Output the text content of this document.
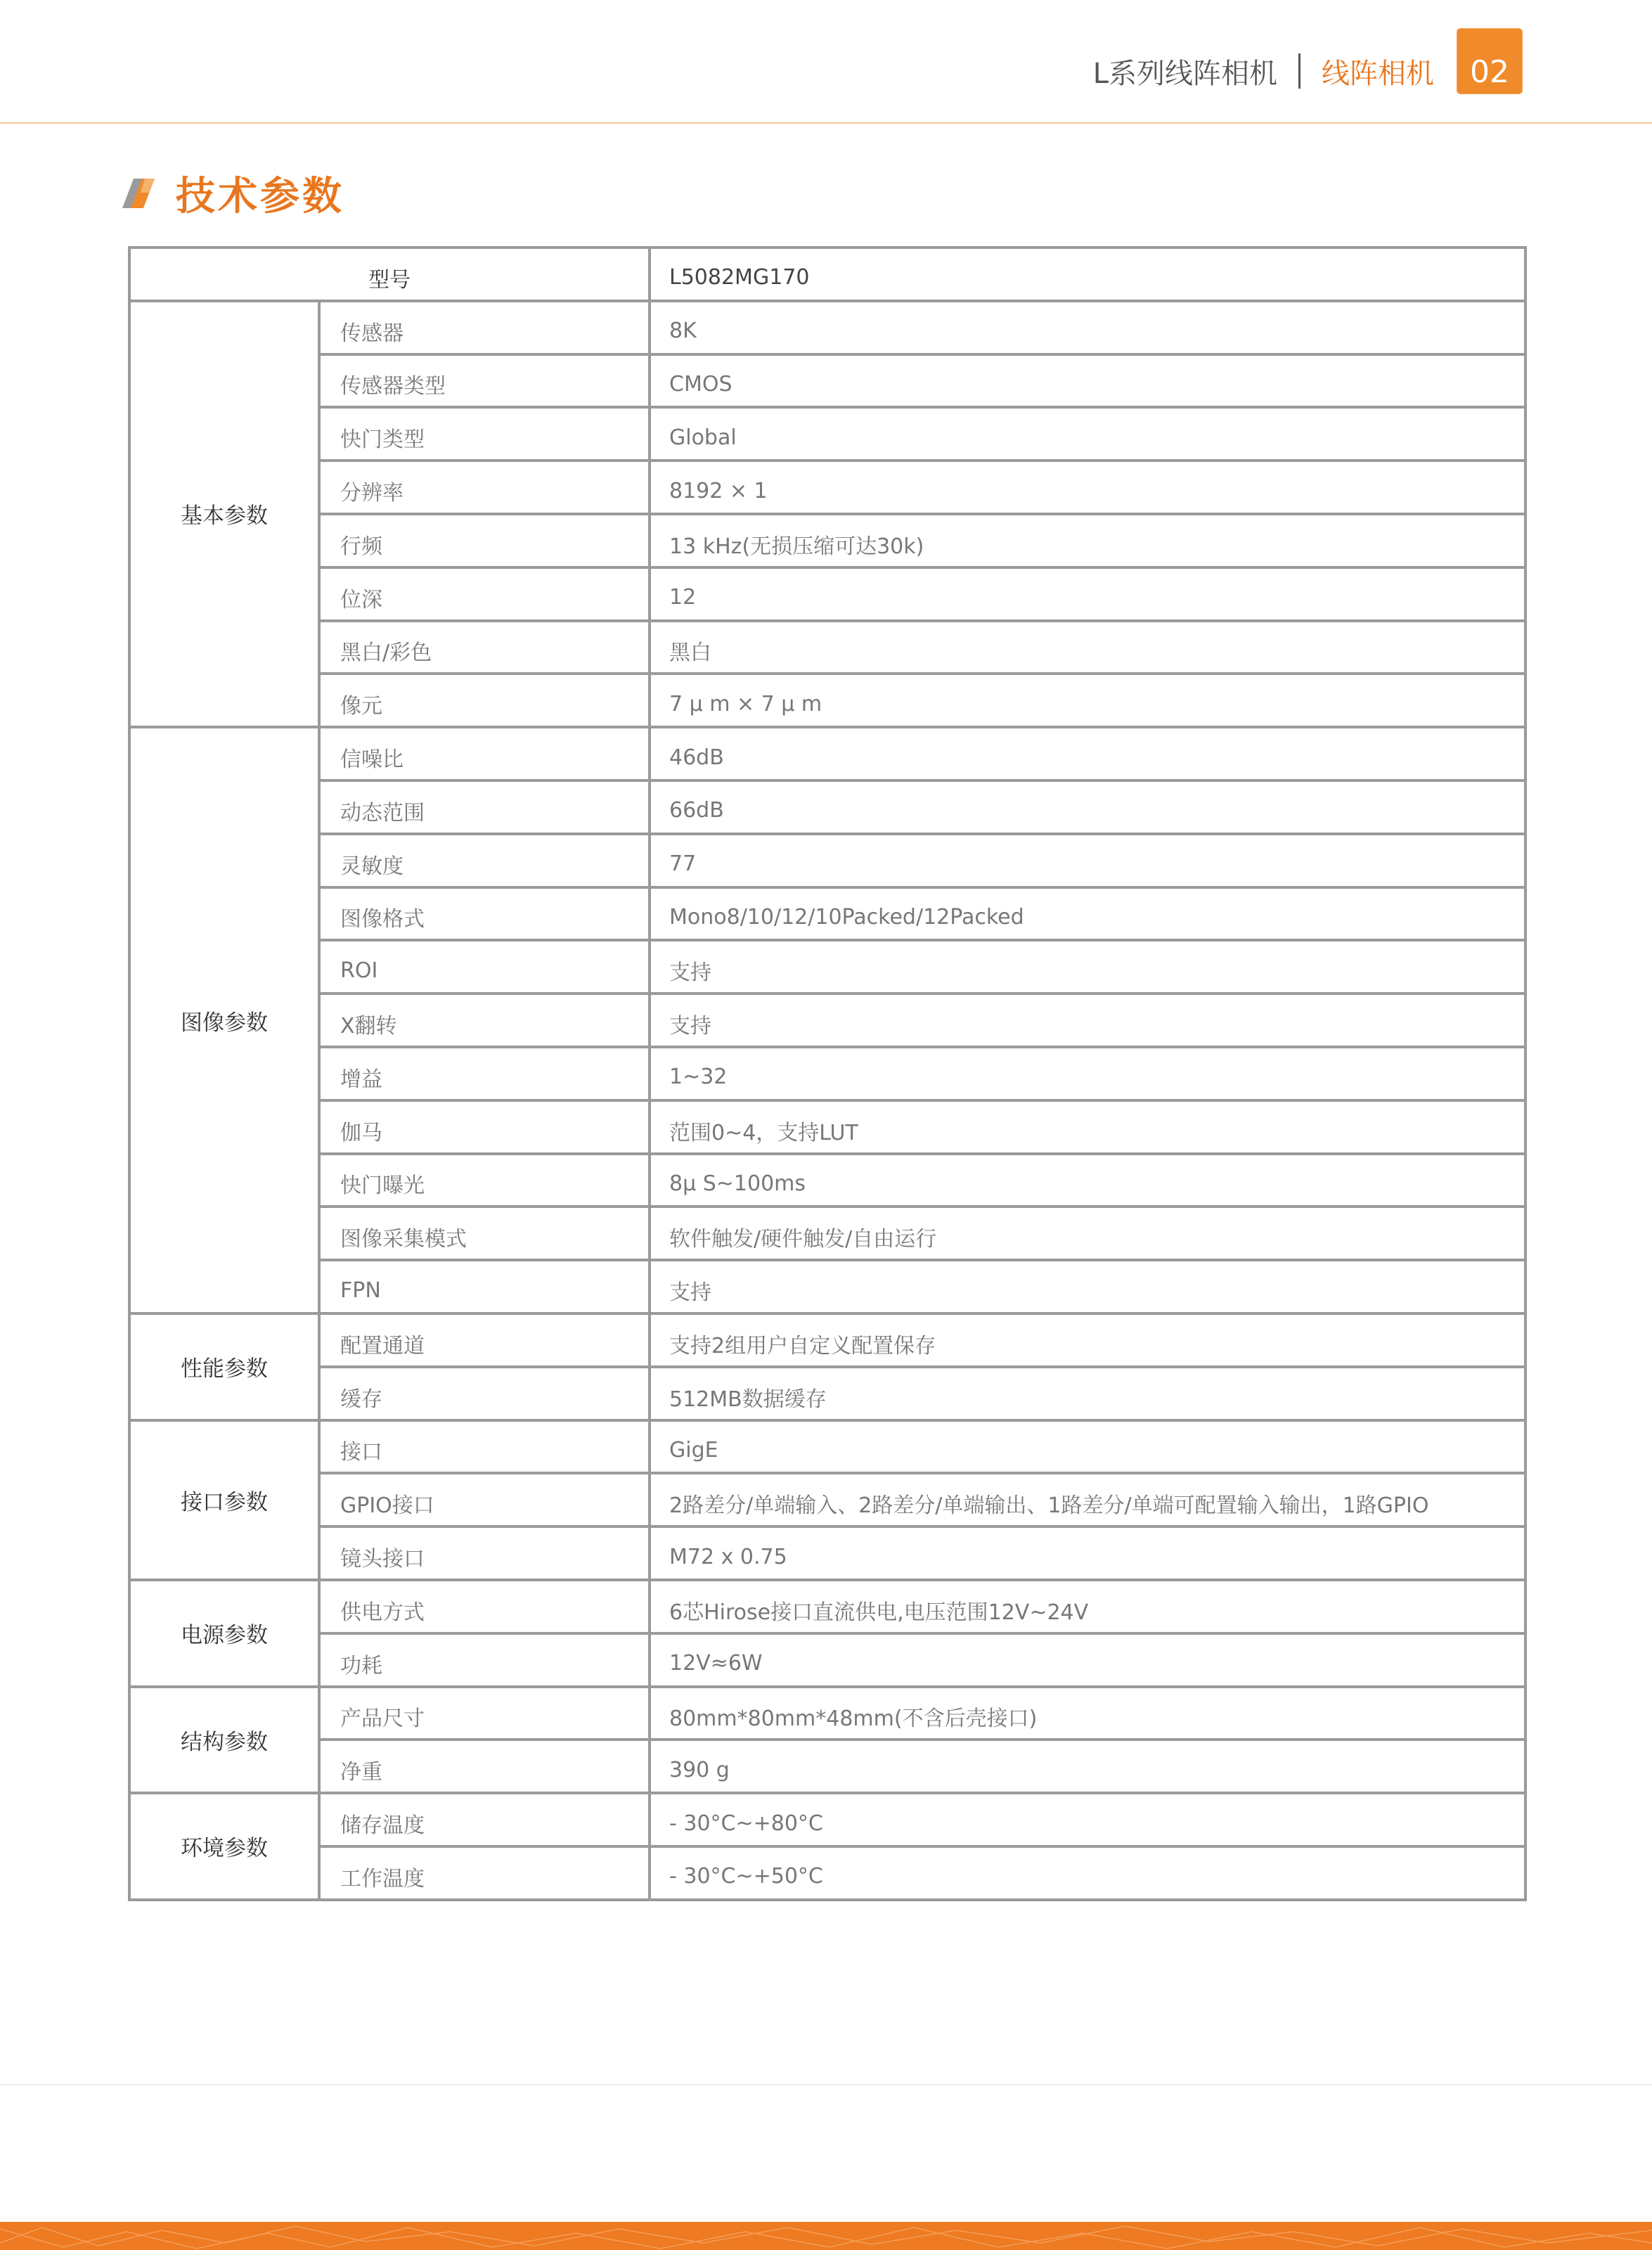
L系列线阵相机 线阵相机	02
技术参数
型号		L5082MG170
基本参数	传感器	8K
	传感器类型	CMOS
	快门类型	Global
	分辨率	8192 × 1
	行频	13 kHz(无损压缩可达30k)
	位深	12
	黑白/彩色	黑白
	像元	7 μ m × 7 μ m
图像参数	信噪比	46dB
	动态范围	66dB
	灵敏度	77
	图像格式	Mono8/10/12/10Packed/12Packed
	ROI	支持
	X翻转	支持
	增益	1~32
	伽马	范围0~4，支持LUT
	快门曝光	8μ S~100ms
	图像采集模式	软件触发/硬件触发/自由运行
	FPN	支持
性能参数	配置通道	支持2组用户自定义配置保存
	缓存	512MB数据缓存
接口参数	接口	GigE
	GPIO接口	2路差分/单端输入、2路差分/单端输出、1路差分/单端可配置输入输出，1路GPIO
	镜头接口	M72 x 0.75
电源参数	供电方式	6芯Hirose接口直流供电,电压范围12V~24V
	功耗	12V≈6W
结构参数	产品尺寸	80mm*80mm*48mm(不含后壳接口)
	净重	390 g
环境参数	储存温度	- 30°C~+80°C
	工作温度	- 30°C~+50°C
